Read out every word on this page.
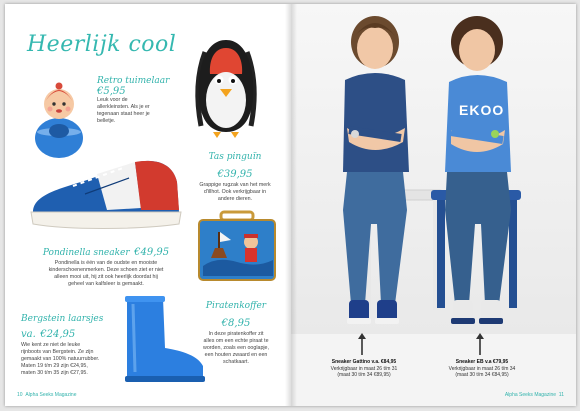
Heerlijk cool
Retro tuimelaar
€5,95
Leuk voor de
allerkleinsten. Als je er
tegenaan staat heer je
belletje.
Tas pinguïn €39,95
Grappige rugzak van het merk
d'illhot. Ook verkrijgbaar in
andere dieren.
Pondinella sneaker €49,95
Pondinella is één van de oudste en mooiste
kinderschoenenmerken. Deze schoen ziet er niet
alleen mooi uit, hij zit ook heerlijk doordat hij
geheel van kalfsleer is gemaakt.
Piratenkoffer €8,95
In deze piratenkoffer zit
alles om een echte piraat te
worden, zoals een ooglapje,
een houten zwaard en een
schatkaart.
Bergstein laarsjes
va. €24,95
Wie kent ze niet de leuke
rijnboots van Bergstein. Ze zijn
gemaakt van 100% natuurrubber.
Maten 19 t/m 29 zijn €24,95,
maten 30 t/m 35 zijn €27,95.
10 Alpha Seeks Magazine
EKOO
Sneaker Gattino v.a. €84,95
Verkrijgbaar in maat 26 t/m 31
(maat 30 t/m 34 €89,95)
Sneaker EB v.a €79,95
Verkrijgbaar in maat 26 t/m 34
(maat 30 t/m 34 €84,95)
Alpha Seeks Magazine 11
